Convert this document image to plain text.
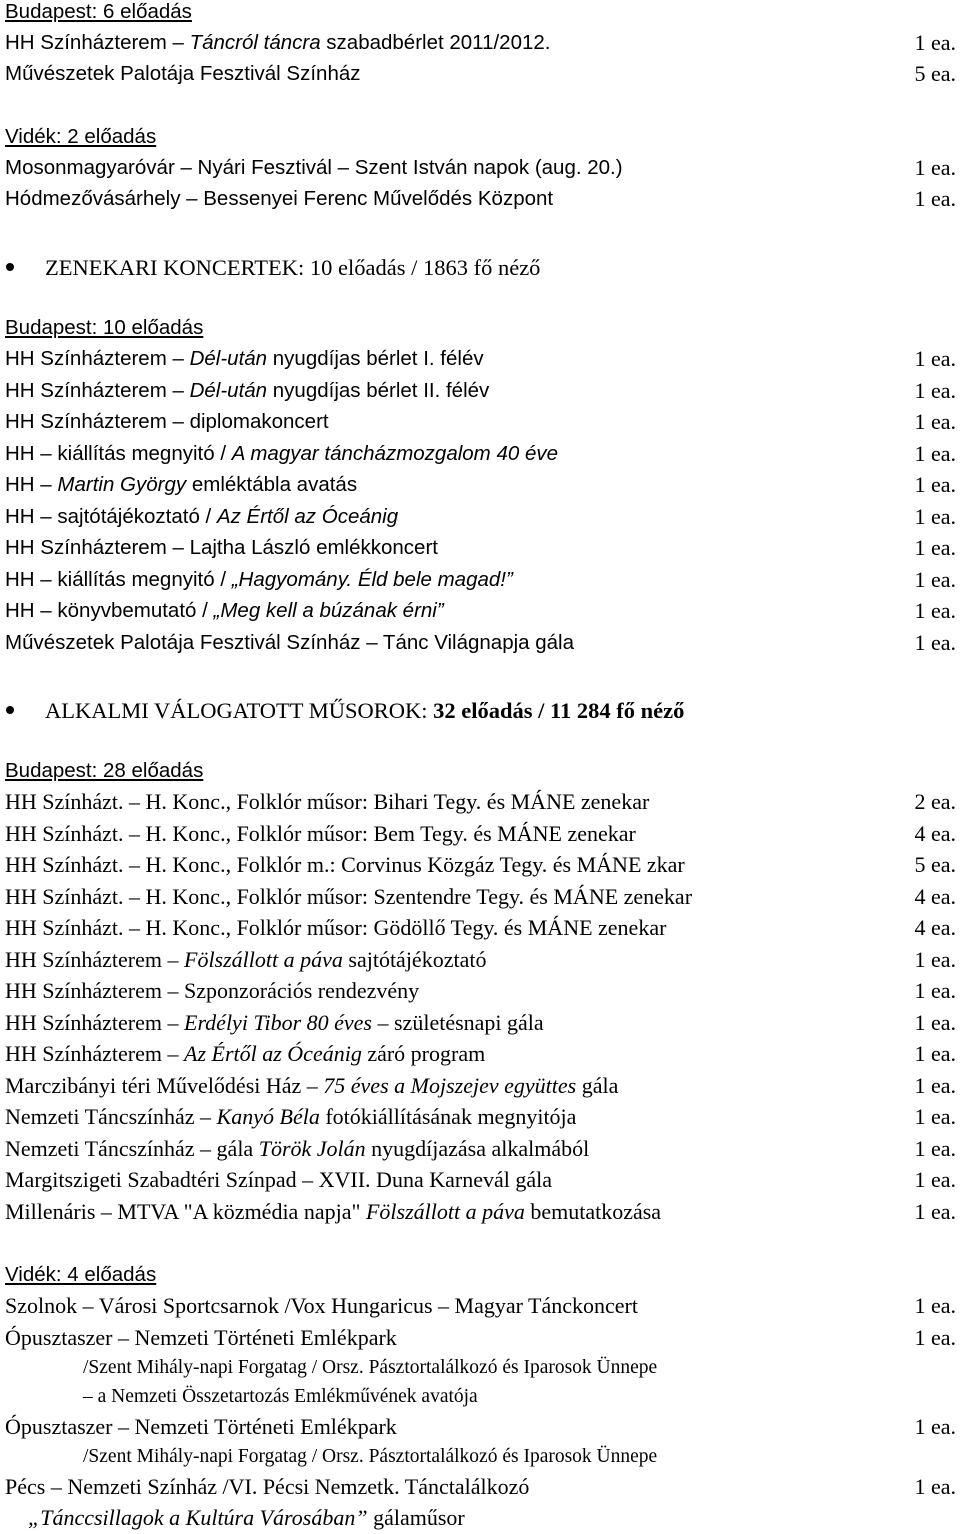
Budapest: 6 előadás
HH Színházterem – Táncról táncra szabadbérlet 2011/2012.	1 ea.
Művészetek Palotája Fesztivál Színház	5 ea.
Vidék: 2 előadás
Mosonmagyaróvár – Nyári Fesztivál – Szent István napok (aug. 20.)	1 ea.
Hódmezővásárhely – Bessenyei Ferenc Művelődés Központ	1 ea.
ZENEKARI KONCERTEK: 10 előadás / 1863 fő néző
Budapest: 10 előadás
HH Színházterem – Dél-után nyugdíjas bérlet I. félév	1 ea.
HH Színházterem – Dél-után nyugdíjas bérlet II. félév	1 ea.
HH Színházterem – diplomakoncert	1 ea.
HH – kiállítás megnyitó / A magyar táncházmozgalom 40 éve	1 ea.
HH – Martin György emléktábla avatás	1 ea.
HH – sajtótájékoztató / Az Értől az Óceánig	1 ea.
HH Színházterem – Lajtha László emlékkoncert	1 ea.
HH – kiállítás megnyitó / „Hagyomány. Éld bele magad!”	1 ea.
HH – könyvbemutató / „Meg kell a búzának érni”	1 ea.
Művészetek Palotája Fesztivál Színház – Tánc Világnapja gála	1 ea.
ALKALMI VÁLOGATOTT MŰSOROK: 32 előadás / 11 284 fő néző
Budapest: 28 előadás
HH Színházt. – H. Konc., Folklór műsor: Bihari Tegy. és MÁNE zenekar	2 ea.
HH Színházt. – H. Konc., Folklór műsor: Bem Tegy. és MÁNE zenekar	4 ea.
HH Színházt. – H. Konc., Folklór m.: Corvinus Közgáz Tegy. és MÁNE zkar	5 ea.
HH Színházt. – H. Konc., Folklór műsor: Szentendre Tegy. és MÁNE zenekar	4 ea.
HH Színházt. – H. Konc., Folklór műsor: Gödöllő Tegy. és MÁNE zenekar	4 ea.
HH Színházterem – Fölszállott a páva sajtótájékoztató	1 ea.
HH Színházterem – Szponzorációs rendezvény	1 ea.
HH Színházterem – Erdélyi Tibor 80 éves – születésnapi gála	1 ea.
HH Színházterem – Az Értől az Óceánig záró program	1 ea.
Marczibányi téri Művelődési Ház – 75 éves a Mojszejev együttes gála	1 ea.
Nemzeti Táncszínház – Kanyó Béla fotókiállításának megnyitója	1 ea.
Nemzeti Táncszínház – gála Török Jolán nyugdíjazása alkalmából	1 ea.
Margitszigeti Szabadtéri Színpad – XVII. Duna Karnevál gála	1 ea.
Millenáris – MTVA "A közmédia napja" Fölszállott a páva bemutatkozása	1 ea.
Vidék: 4 előadás
Szolnok – Városi Sportcsarnok /Vox Hungaricus – Magyar Tánckoncert	1 ea.
Ópusztaszer – Nemzeti Történeti Emlékpark	1 ea.
/Szent Mihály-napi Forgatag / Orsz. Pásztortalálkozó és Iparosok Ünnepe
– a Nemzeti Összetartozás Emlékművének avatója
Ópusztaszer – Nemzeti Történeti Emlékpark	1 ea.
/Szent Mihály-napi Forgatag / Orsz. Pásztortalálkozó és Iparosok Ünnepe
Pécs – Nemzeti Színház /VI. Pécsi Nemzetk. Tánctalálkozó	1 ea.
„Tánccsillagok a Kultúra Városában” gálaműsor
